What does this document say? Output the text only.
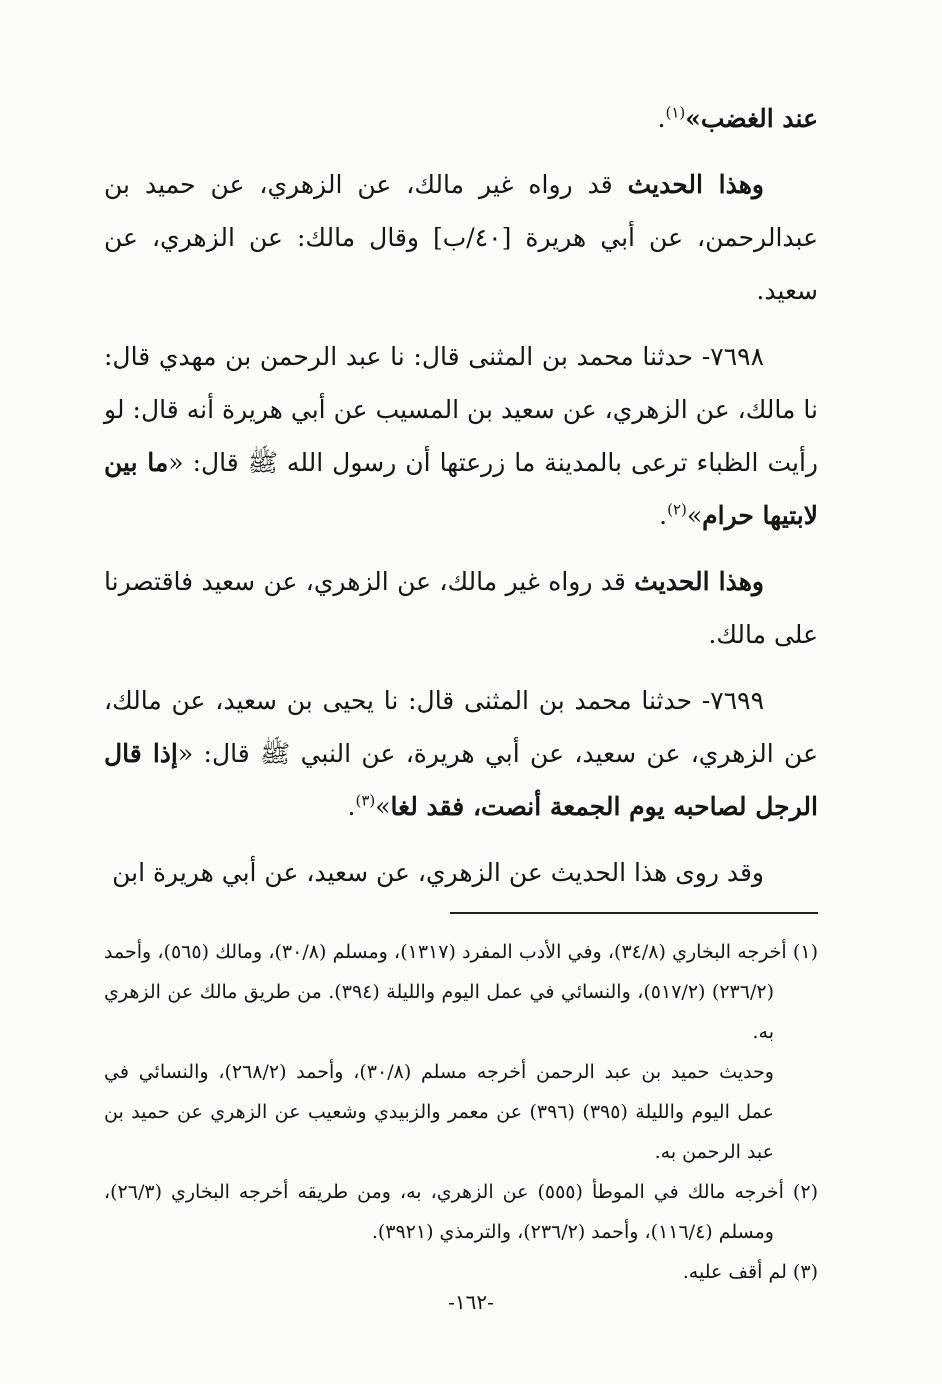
عند الغضب»$^{(١)}$.

وهذا الحديث قد رواه غير مالك، عن الزهري، عن حميد بن عبدالرحمن، عن أبي هريرة [٤٠/ب] وقال مالك: عن الزهري، عن سعيد.

٧٦٩٨- حدثنا محمد بن المثنى قال: نا عبد الرحمن بن مهدي قال: نا مالك، عن الزهري، عن سعيد بن المسيب عن أبي هريرة أنه قال: لو رأيت الظباء ترعى بالمدينة ما زرعتها أن رسول الله ﷺ قال: «ما بين لابتيها حرام»$^{(٢)}$.

وهذا الحديث قد رواه غير مالك، عن الزهري، عن سعيد فاقتصرنا على مالك.

٧٦٩٩- حدثنا محمد بن المثنى قال: نا يحيى بن سعيد، عن مالك، عن الزهري، عن سعيد، عن أبي هريرة، عن النبي ﷺ قال: «إذا قال الرجل لصاحبه يوم الجمعة أنصت، فقد لغا»$^{(٣)}$.

وقد روى هذا الحديث عن الزهري، عن سعيد، عن أبي هريرة ابن

(١) أخرجه البخاري (٣٤/٨)، وفي الأدب المفرد (١٣١٧)، ومسلم (٣٠/٨)، ومالك (٥٦٥)، وأحمد (٢٣٦/٢) (٥١٧/٢)، والنسائي في عمل اليوم والليلة (٣٩٤). من طريق مالك عن الزهري به.

وحديث حميد بن عبد الرحمن أخرجه مسلم (٣٠/٨)، وأحمد (٢٦٨/٢)، والنسائي في عمل اليوم والليلة (٣٩٥) (٣٩٦) عن معمر والزبيدي وشعيب عن الزهري عن حميد بن عبد الرحمن به.

(٢) أخرجه مالك في الموطأ (٥٥٥) عن الزهري، به، ومن طريقه أخرجه البخاري (٢٦/٣)، ومسلم (١١٦/٤)، وأحمد (٢٣٦/٢)، والترمذي (٣٩٢١).

(٣) لم أقف عليه.

-١٦٢-
